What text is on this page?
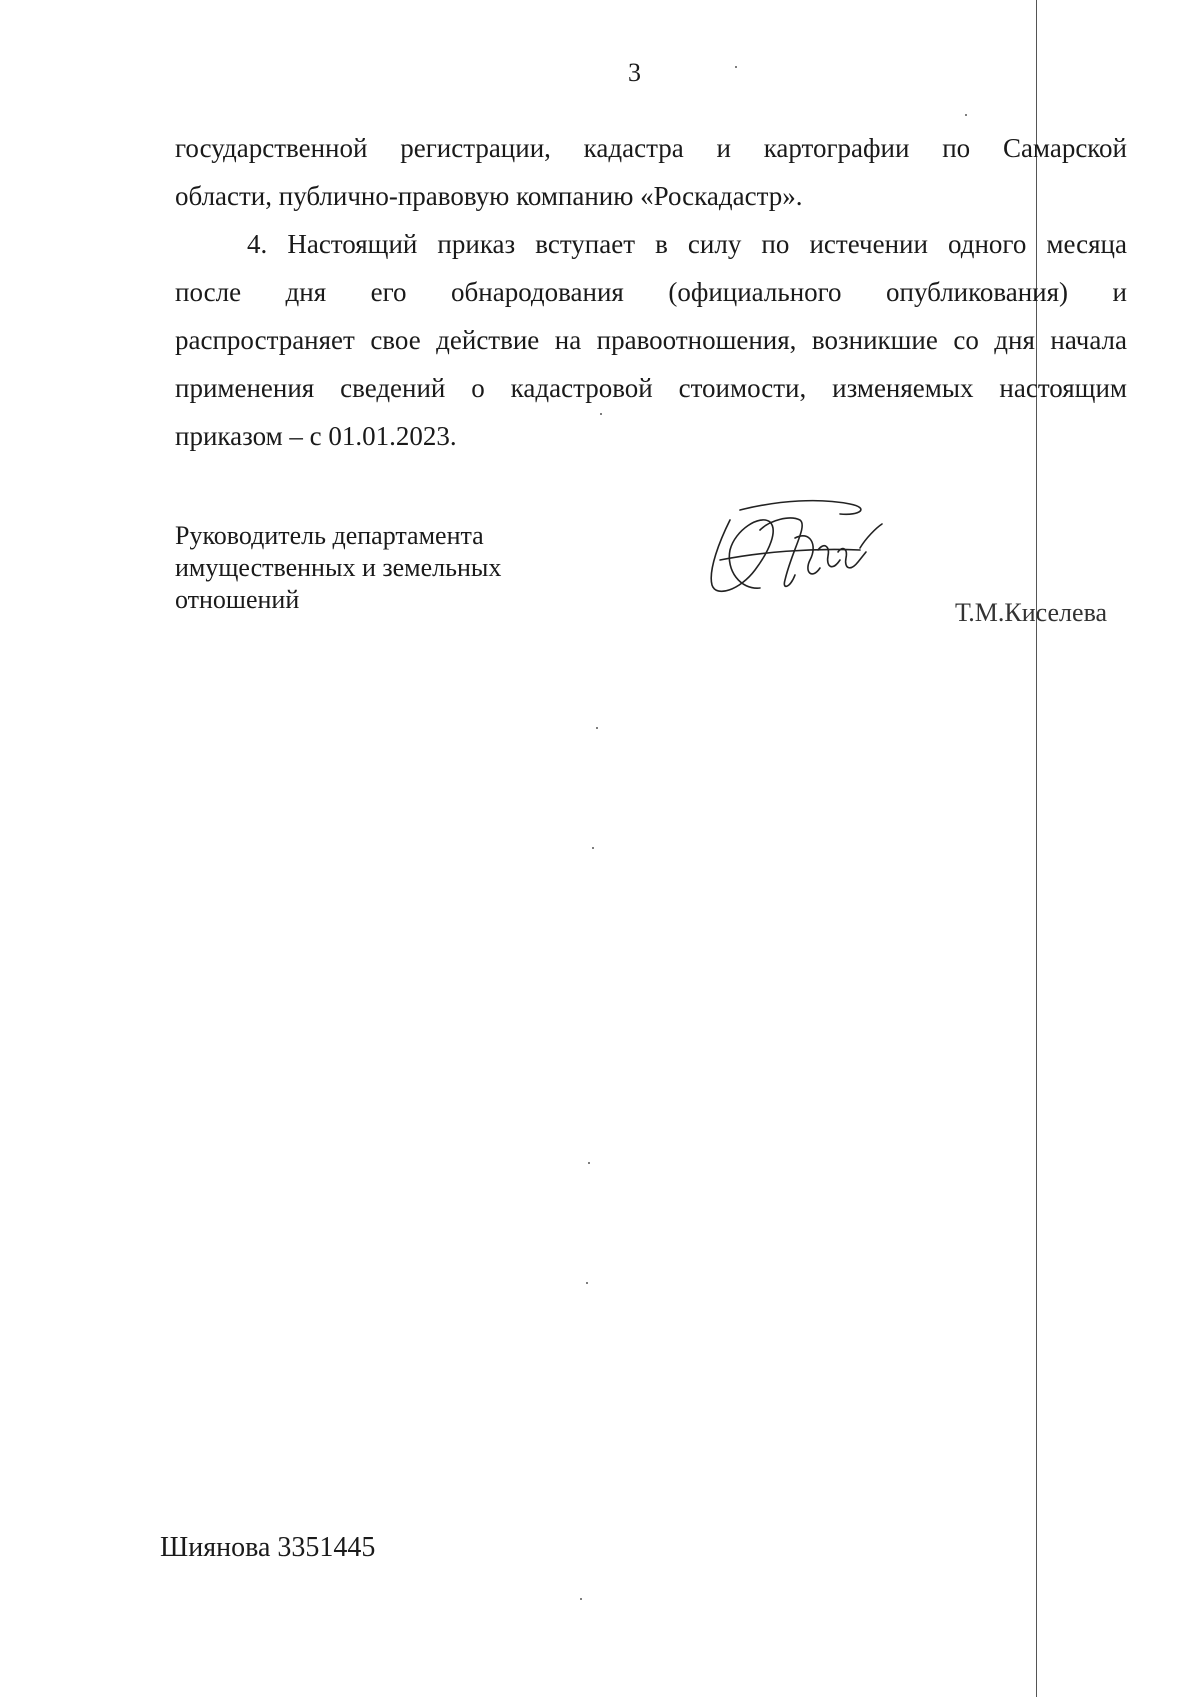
3
государственной регистрации, кадастра и картографии по Самарской
области, публично-правовую компанию «Роскадастр».
4. Настоящий приказ вступает в силу по истечении одного месяца
после дня его обнародования (официального опубликования) и
распространяет свое действие на правоотношения, возникшие со дня начала
применения сведений о кадастровой стоимости, изменяемых настоящим
приказом – с 01.01.2023.
Руководитель департамента
имущественных и земельных
отношений	Т.М.Киселева
Шиянова 3351445
